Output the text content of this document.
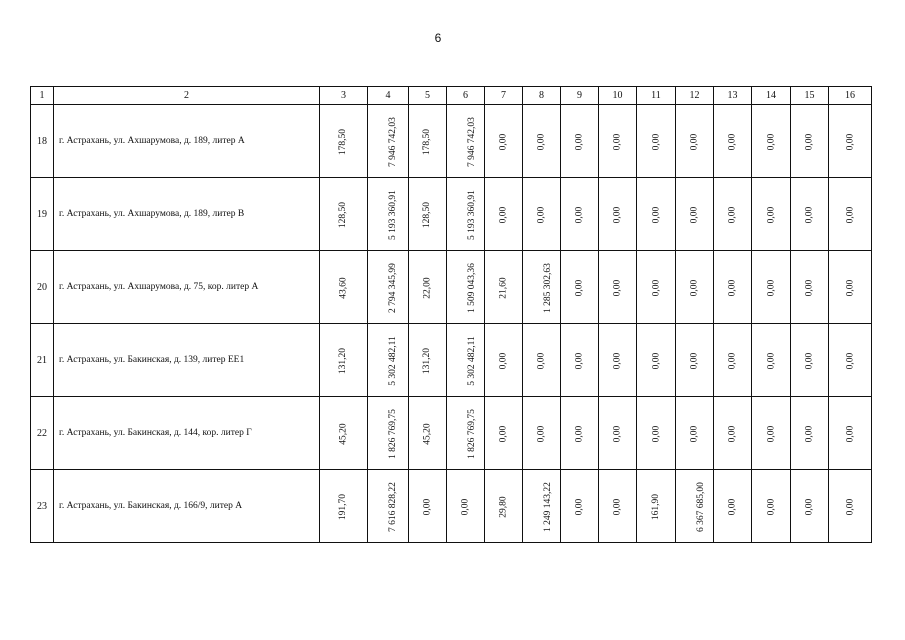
6
1	2	3	4	5	6	7	8	9	10	11	12	13	14	15	16
18	г. Астрахань, ул. Ахшарумова, д. 189, литер А	178,50	7 946 742,03	178,50	7 946 742,03	0,00	0,00	0,00	0,00	0,00	0,00	0,00	0,00	0,00	0,00
19	г. Астрахань, ул. Ахшарумова, д. 189, литер В	128,50	5 193 360,91	128,50	5 193 360,91	0,00	0,00	0,00	0,00	0,00	0,00	0,00	0,00	0,00	0,00
20	г. Астрахань, ул. Ахшарумова, д. 75, кор. литер А	43,60	2 794 345,99	22,00	1 509 043,36	21,60	1 285 302,63	0,00	0,00	0,00	0,00	0,00	0,00	0,00	0,00
21	г. Астрахань, ул. Бакинская, д. 139, литер ЕЕ1	131,20	5 302 482,11	131,20	5 302 482,11	0,00	0,00	0,00	0,00	0,00	0,00	0,00	0,00	0,00	0,00
22	г. Астрахань, ул. Бакинская, д. 144, кор. литер Г	45,20	1 826 769,75	45,20	1 826 769,75	0,00	0,00	0,00	0,00	0,00	0,00	0,00	0,00	0,00	0,00
23	г. Астрахань, ул. Бакинская, д. 166/9, литер А	191,70	7 616 828,22	0,00	0,00	29,80	1 249 143,22	0,00	0,00	161,90	6 367 685,00	0,00	0,00	0,00	0,00
